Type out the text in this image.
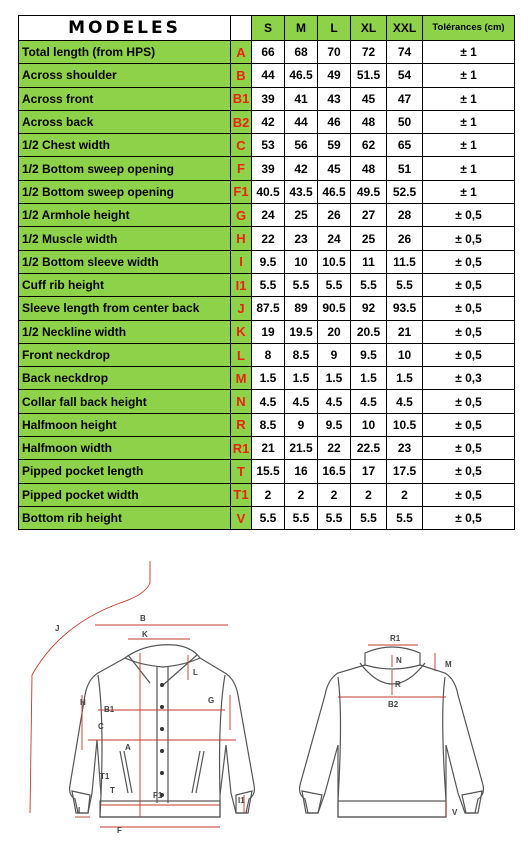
MODELES		S	M	L	XL	XXL	Tolérances (cm)
Total length (from HPS)	A	66	68	70	72	74	± 1
Across shoulder	B	44	46.5	49	51.5	54	± 1
Across front	B1	39	41	43	45	47	± 1
Across back	B2	42	44	46	48	50	± 1
1/2 Chest width	C	53	56	59	62	65	± 1
1/2 Bottom sweep opening	F	39	42	45	48	51	± 1
1/2 Bottom sweep opening	F1	40.5	43.5	46.5	49.5	52.5	± 1
1/2 Armhole height	G	24	25	26	27	28	± 0,5
1/2 Muscle width	H	22	23	24	25	26	± 0,5
1/2 Bottom sleeve width	I	9.5	10	10.5	11	11.5	± 0,5
Cuff rib height	I1	5.5	5.5	5.5	5.5	5.5	± 0,5
Sleeve length from center back	J	87.5	89	90.5	92	93.5	± 0,5
1/2 Neckline width	K	19	19.5	20	20.5	21	± 0,5
Front neckdrop	L	8	8.5	9	9.5	10	± 0,5
Back neckdrop	M	1.5	1.5	1.5	1.5	1.5	± 0,3
Collar fall back height	N	4.5	4.5	4.5	4.5	4.5	± 0,5
Halfmoon height	R	8.5	9	9.5	10	10.5	± 0,5
Halfmoon width	R1	21	21.5	22	22.5	23	± 0,5
Pipped pocket length	T	15.5	16	16.5	17	17.5	± 0,5
Pipped pocket width	T1	2	2	2	2	2	± 0,5
Bottom rib height	V	5.5	5.5	5.5	5.5	5.5	± 0,5
J
B
K
L
H
B1
G
C
A
T1
T
F1
I
I1
F
R1
N	M
R
B2
V
